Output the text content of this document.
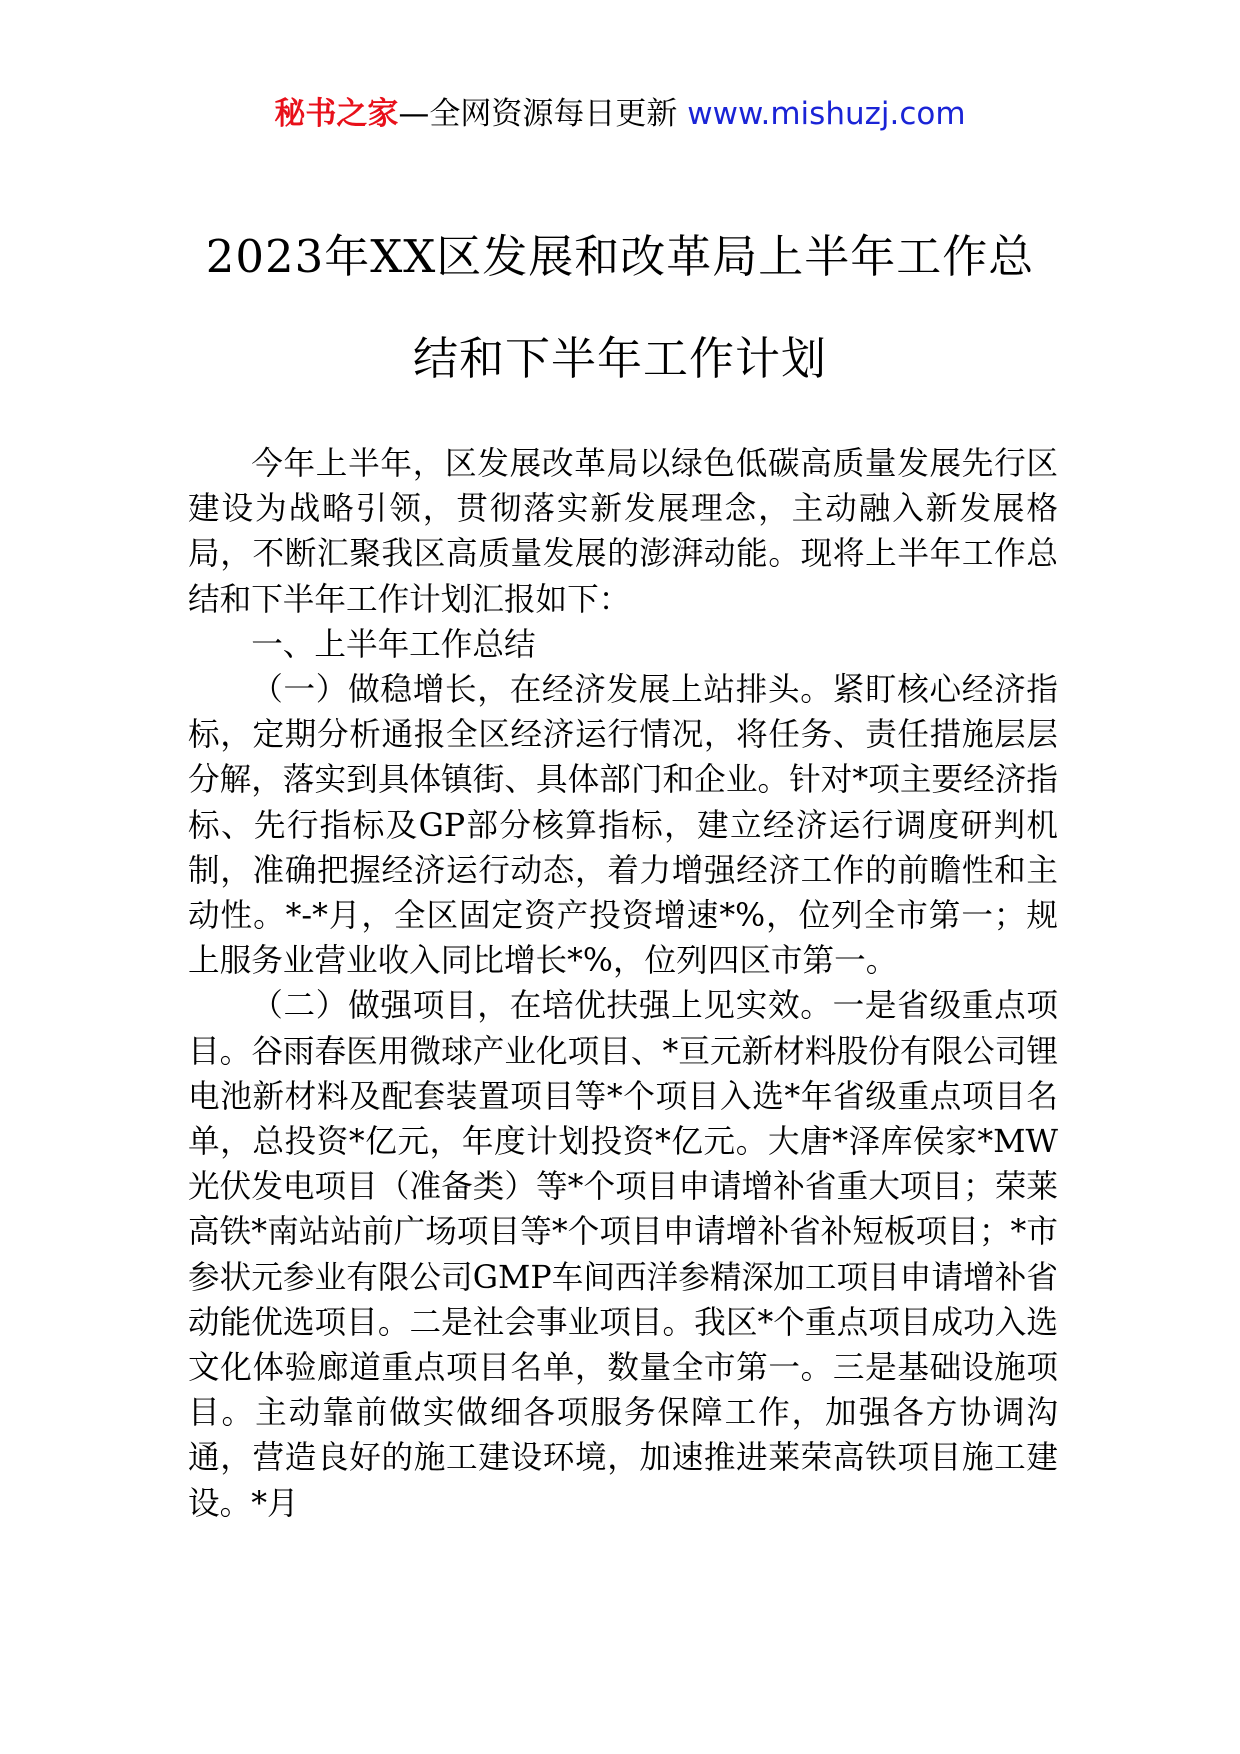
秘书之家—全网资源每日更新 www.mishuzj.com
2023年XX区发展和改革局上半年工作总
结和下半年工作计划

今年上半年，区发展改革局以绿色低碳高质量发展先行区建设为战略引领，贯彻落实新发展理念，主动融入新发展格局，不断汇聚我区高质量发展的澎湃动能。现将上半年工作总结和下半年工作计划汇报如下：

一、上半年工作总结

（一）做稳增长，在经济发展上站排头。紧盯核心经济指标，定期分析通报全区经济运行情况，将任务、责任措施层层分解，落实到具体镇街、具体部门和企业。针对*项主要经济指标、先行指标及GP部分核算指标，建立经济运行调度研判机制，准确把握经济运行动态，着力增强经济工作的前瞻性和主动性。*-*月，全区固定资产投资增速*%，位列全市第一；规上服务业营业收入同比增长*%，位列四区市第一。

（二）做强项目，在培优扶强上见实效。一是省级重点项目。谷雨春医用微球产业化项目、*亘元新材料股份有限公司锂电池新材料及配套装置项目等*个项目入选*年省级重点项目名单，总投资*亿元，年度计划投资*亿元。大唐*泽库侯家*MW光伏发电项目（准备类）等*个项目申请增补省重大项目；荣莱高铁*南站站前广场项目等*个项目申请增补省补短板项目；*市参状元参业有限公司GMP车间西洋参精深加工项目申请增补省动能优选项目。二是社会事业项目。我区*个重点项目成功入选文化体验廊道重点项目名单，数量全市第一。三是基础设施项目。主动靠前做实做细各项服务保障工作，加强各方协调沟通，营造良好的施工建设环境，加速推进莱荣高铁项目施工建设。*月
